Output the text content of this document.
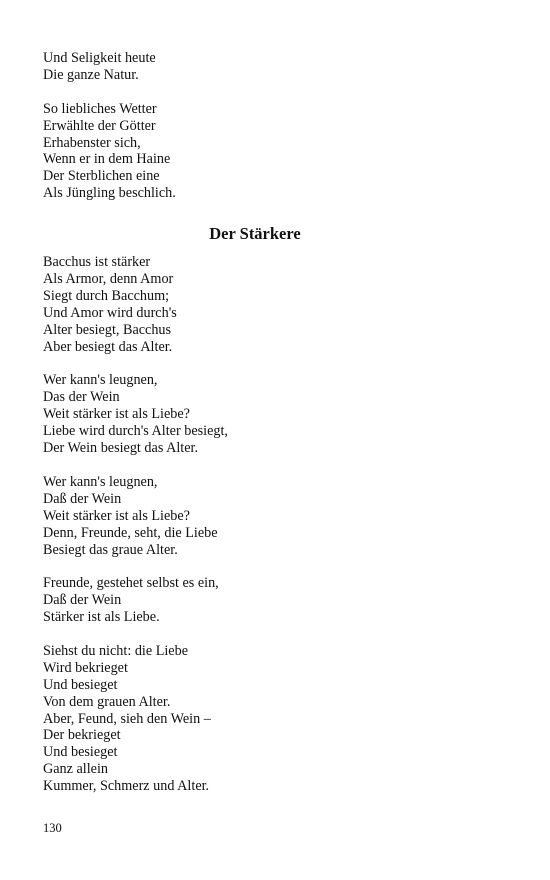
Und Seligkeit heute
Die ganze Natur.
So liebliches Wetter
Erwählte der Götter
Erhabenster sich,
Wenn er in dem Haine
Der Sterblichen eine
Als Jüngling beschlich.
Der Stärkere
Bacchus ist stärker
Als Armor, denn Amor
Siegt durch Bacchum;
Und Amor wird durch's
Alter besiegt, Bacchus
Aber besiegt das Alter.
Wer kann's leugnen,
Das der Wein
Weit stärker ist als Liebe?
Liebe wird durch's Alter besiegt,
Der Wein besiegt das Alter.
Wer kann's leugnen,
Daß der Wein
Weit stärker ist als Liebe?
Denn, Freunde, seht, die Liebe
Besiegt das graue Alter.
Freunde, gestehet selbst es ein,
Daß der Wein
Stärker ist als Liebe.
Siehst du nicht: die Liebe
Wird bekrieget
Und besieget
Von dem grauen Alter.
Aber, Feund, sieh den Wein –
Der bekrieget
Und besieget
Ganz allein
Kummer, Schmerz und Alter.
130
